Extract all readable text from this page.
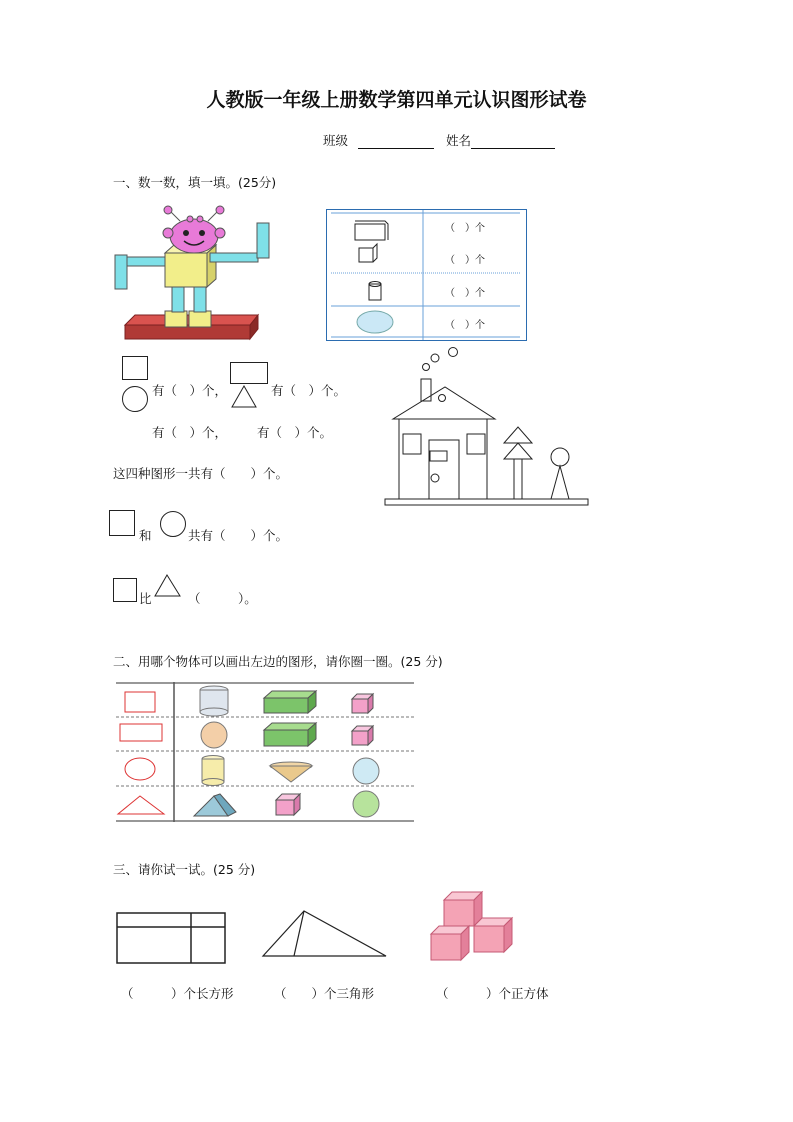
人教版一年级上册数学第四单元认识图形试卷
班级	姓名
一、数一数，填一填。(25分)
（　）个
（　）个
（　）个
（　）个
有（　）个，	有（　）个。
有（　）个， 有（　）个。
这四种图形一共有（　　）个。
和	共有（　　）个。
比	（　　　）。
二、用哪个物体可以画出左边的图形，请你圈一圈。(25 分)
三、请你试一试。(25 分)
（　　　）个长方形	（　　）个三角形	（　　　）个正方体
